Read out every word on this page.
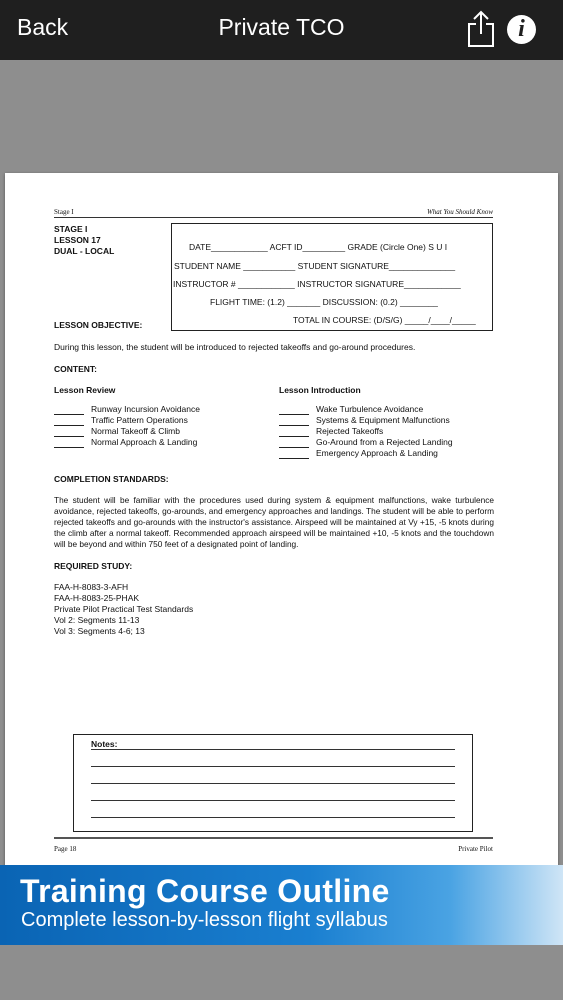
Back	Private TCO	i
Stage I	What You Should Know
STAGE I
LESSON 17
DUAL - LOCAL	DATE____________ ACFT ID_________ GRADE (Circle One) S U I
STUDENT NAME ___________ STUDENT SIGNATURE______________
INSTRUCTOR # ____________ INSTRUCTOR SIGNATURE____________
FLIGHT TIME: (1.2) _______ DISCUSSION: (0.2) ________
TOTAL IN COURSE: (D/S/G) _____/____/_____
LESSON OBJECTIVE:
During this lesson, the student will be introduced to rejected takeoffs and go-around procedures.
CONTENT:
Lesson Review
Runway Incursion Avoidance
Traffic Pattern Operations
Normal Takeoff & Climb
Normal Approach & Landing
Lesson Introduction
Wake Turbulence Avoidance
Systems & Equipment Malfunctions
Rejected Takeoffs
Go-Around from a Rejected Landing
Emergency Approach & Landing
COMPLETION STANDARDS:
The student will be familiar with the procedures used during system & equipment malfunctions, wake turbulence avoidance, rejected takeoffs, go-arounds, and emergency approaches and landings. The student will be able to perform rejected takeoffs and go-arounds with the instructor's assistance. Airspeed will be maintained at Vy +15, -5 knots during the climb after a normal takeoff. Recommended approach airspeed will be maintained +10, -5 knots and the touchdown will be beyond and within 750 feet of a designated point of landing.
REQUIRED STUDY:
FAA-H-8083-3-AFH
FAA-H-8083-25-PHAK
Private Pilot Practical Test Standards
Vol 2: Segments 11-13
Vol 3: Segments 4-6; 13
Notes:
Page 18	Private Pilot
Training Course Outline
Complete lesson-by-lesson flight syllabus
